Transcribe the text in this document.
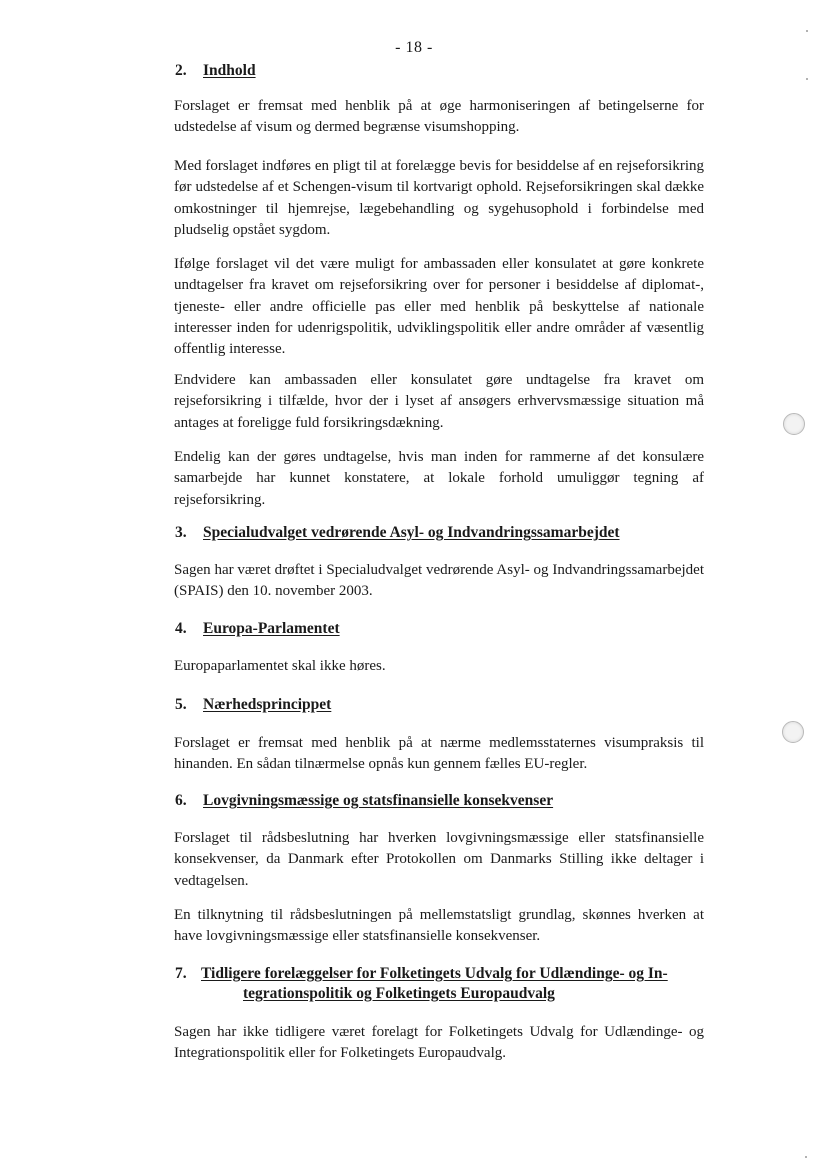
- 18 -
2. Indhold

Forslaget er fremsat med henblik på at øge harmoniseringen af betingelserne for udstedelse af visum og dermed begrænse visumshopping.

Med forslaget indføres en pligt til at forelægge bevis for besiddelse af en rejseforsikring før udstedelse af et Schengen-visum til kortvarigt ophold. Rejseforsikringen skal dække omkostninger til hjemrejse, lægebehandling og sygehusophold i forbindelse med pludselig opstået sygdom.

Ifølge forslaget vil det være muligt for ambassaden eller konsulatet at gøre konkrete undtagelser fra kravet om rejseforsikring over for personer i besiddelse af diplomat-, tjeneste- eller andre officielle pas eller med henblik på beskyttelse af nationale interesser inden for udenrigspolitik, udviklingspolitik eller andre områder af væsentlig offentlig interesse.

Endvidere kan ambassaden eller konsulatet gøre undtagelse fra kravet om rejseforsikring i tilfælde, hvor der i lyset af ansøgers erhvervsmæssige situation må antages at foreligge fuld forsikringsdækning.

Endelig kan der gøres undtagelse, hvis man inden for rammerne af det konsulære samarbejde har kunnet konstatere, at lokale forhold umuliggør tegning af rejseforsikring.

3. Specialudvalget vedrørende Asyl- og Indvandringssamarbejdet

Sagen har været drøftet i Specialudvalget vedrørende Asyl- og Indvandringssamarbejdet (SPAIS) den 10. november 2003.

4. Europa-Parlamentet

Europaparlamentet skal ikke høres.

5. Nærhedsprincippet

Forslaget er fremsat med henblik på at nærme medlemsstaternes visumpraksis til hinanden. En sådan tilnærmelse opnås kun gennem fælles EU-regler.

6. Lovgivningsmæssige og statsfinansielle konsekvenser

Forslaget til rådsbeslutning har hverken lovgivningsmæssige eller statsfinansielle konsekvenser, da Danmark efter Protokollen om Danmarks Stilling ikke deltager i vedtagelsen.

En tilknytning til rådsbeslutningen på mellemstatsligt grundlag, skønnes hverken at have lovgivningsmæssige eller statsfinansielle konsekvenser.

7. Tidligere forelæggelser for Folketingets Udvalg for Udlændinge- og In-
tegrationspolitik og Folketingets Europaudvalg

Sagen har ikke tidligere været forelagt for Folketingets Udvalg for Udlændinge- og Integrationspolitik eller for Folketingets Europaudvalg.
